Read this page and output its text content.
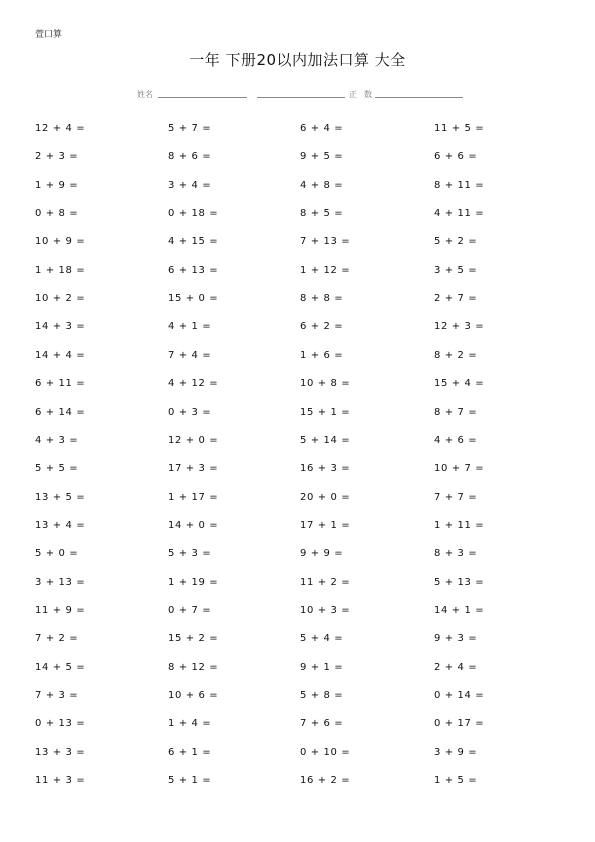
萱口算
一年 下册20以内加法口算 大全
姓名	正 数
12 + 4 =	5 + 7 =	6 + 4 =	11 + 5 =
2 + 3 =	8 + 6 =	9 + 5 =	6 + 6 =
1 + 9 =	3 + 4 =	4 + 8 =	8 + 11 =
0 + 8 =	0 + 18 =	8 + 5 =	4 + 11 =
10 + 9 =	4 + 15 =	7 + 13 =	5 + 2 =
1 + 18 =	6 + 13 =	1 + 12 =	3 + 5 =
10 + 2 =	15 + 0 =	8 + 8 =	2 + 7 =
14 + 3 =	4 + 1 =	6 + 2 =	12 + 3 =
14 + 4 =	7 + 4 =	1 + 6 =	8 + 2 =
6 + 11 =	4 + 12 =	10 + 8 =	15 + 4 =
6 + 14 =	0 + 3 =	15 + 1 =	8 + 7 =
4 + 3 =	12 + 0 =	5 + 14 =	4 + 6 =
5 + 5 =	17 + 3 =	16 + 3 =	10 + 7 =
13 + 5 =	1 + 17 =	20 + 0 =	7 + 7 =
13 + 4 =	14 + 0 =	17 + 1 =	1 + 11 =
5 + 0 =	5 + 3 =	9 + 9 =	8 + 3 =
3 + 13 =	1 + 19 =	11 + 2 =	5 + 13 =
11 + 9 =	0 + 7 =	10 + 3 =	14 + 1 =
7 + 2 =	15 + 2 =	5 + 4 =	9 + 3 =
14 + 5 =	8 + 12 =	9 + 1 =	2 + 4 =
7 + 3 =	10 + 6 =	5 + 8 =	0 + 14 =
0 + 13 =	1 + 4 =	7 + 6 =	0 + 17 =
13 + 3 =	6 + 1 =	0 + 10 =	3 + 9 =
11 + 3 =	5 + 1 =	16 + 2 =	1 + 5 =
